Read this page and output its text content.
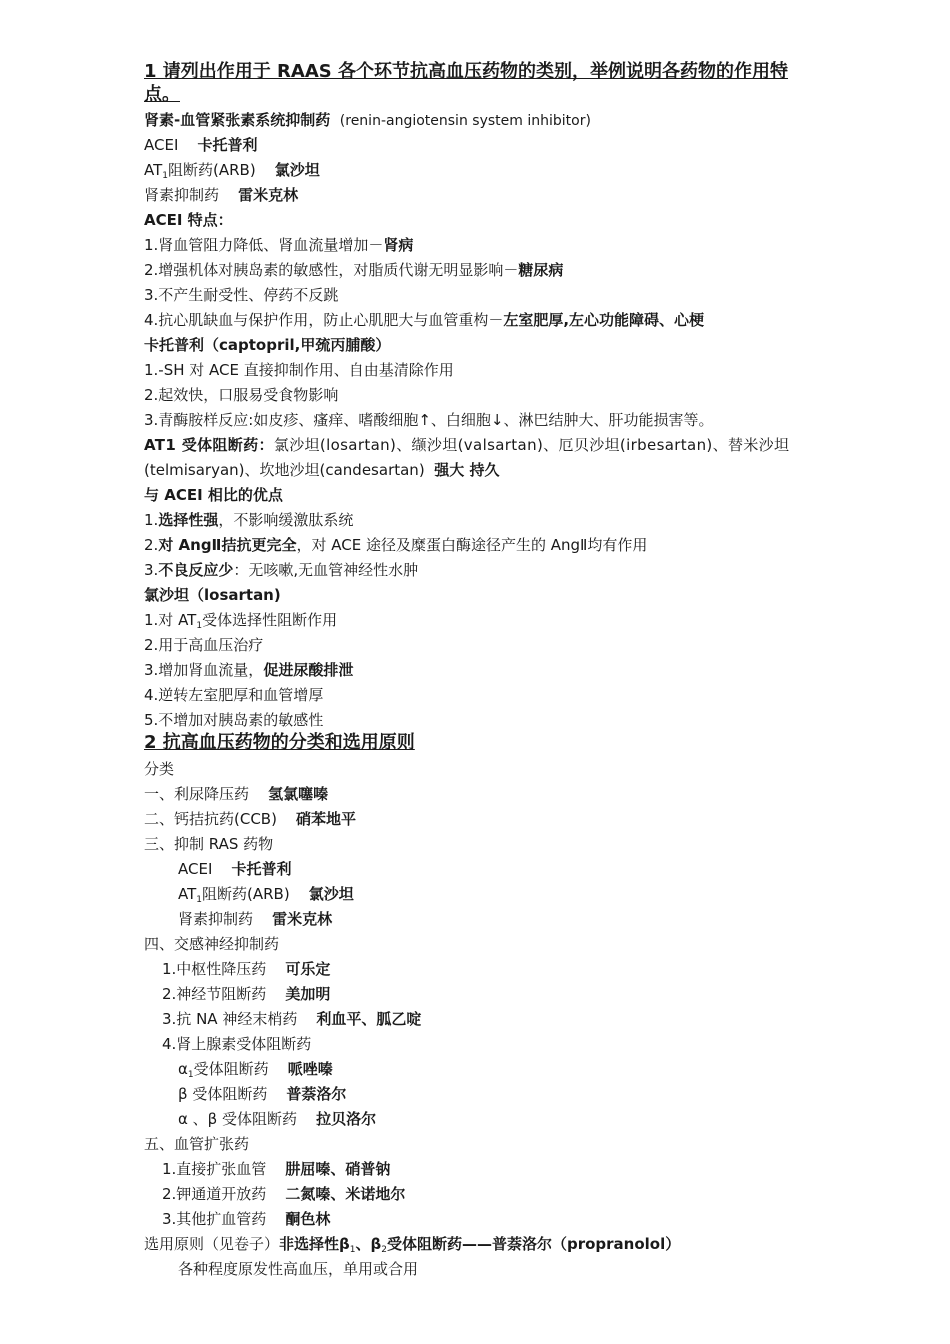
1 请列出作用于 RAAS 各个环节抗高血压药物的类别，举例说明各药物的作用特
点。
肾素-血管紧张素系统抑制药 (renin-angiotensin system inhibitor)
ACEI 卡托普利
$AT_1$阻断药(ARB) 氯沙坦
肾素抑制药 雷米克林
ACEI 特点：
1.肾血管阻力降低、肾血流量增加－肾病
2.增强机体对胰岛素的敏感性，对脂质代谢无明显影响－糖尿病
3.不产生耐受性、停药不反跳
4.抗心肌缺血与保护作用，防止心肌肥大与血管重构－左室肥厚,左心功能障碍、心梗
卡托普利（captopril,甲巯丙脯酸）
1.-SH 对 ACE 直接抑制作用、自由基清除作用
2.起效快，口服易受食物影响
3.青酶胺样反应:如皮疹、瘙痒、嗜酸细胞↑、白细胞↓、淋巴结肿大、肝功能损害等。
AT1 受体阻断药：氯沙坦(losartan)、缬沙坦(valsartan)、厄贝沙坦(irbesartan)、替米沙坦
(telmisaryan)、坎地沙坦(candesartan) 强大 持久
与 ACEI 相比的优点
1.选择性强，不影响缓激肽系统
2.对 AngⅡ拮抗更完全，对 ACE 途径及糜蛋白酶途径产生的 AngⅡ均有作用
3.不良反应少：无咳嗽,无血管神经性水肿
氯沙坦（losartan)
1.对 $AT_1$受体选择性阻断作用
2.用于高血压治疗
3.增加肾血流量，促进尿酸排泄
4.逆转左室肥厚和血管增厚
5.不增加对胰岛素的敏感性
2 抗高血压药物的分类和选用原则
分类
一、利尿降压药 氢氯噻嗪
二、钙拮抗药(CCB) 硝苯地平
三、抑制 RAS 药物
ACEI 卡托普利
$AT_1$阻断药(ARB) 氯沙坦
肾素抑制药 雷米克林
四、交感神经抑制药
1.中枢性降压药 可乐定
2.神经节阻断药 美加明
3.抗 NA 神经末梢药 利血平、胍乙啶
4.肾上腺素受体阻断药
$\alpha_1$受体阻断药 哌唑嗪
β 受体阻断药 普萘洛尔
α 、β 受体阻断药 拉贝洛尔
五、血管扩张药
1.直接扩张血管 肼屈嗪、硝普钠
2.钾通道开放药 二氮嗪、米诺地尔
3.其他扩血管药 酮色林
选用原则（见卷子）非选择性$\beta_1$、$\beta_2$受体阻断药——普萘洛尔（propranolol）
各种程度原发性高血压，单用或合用
